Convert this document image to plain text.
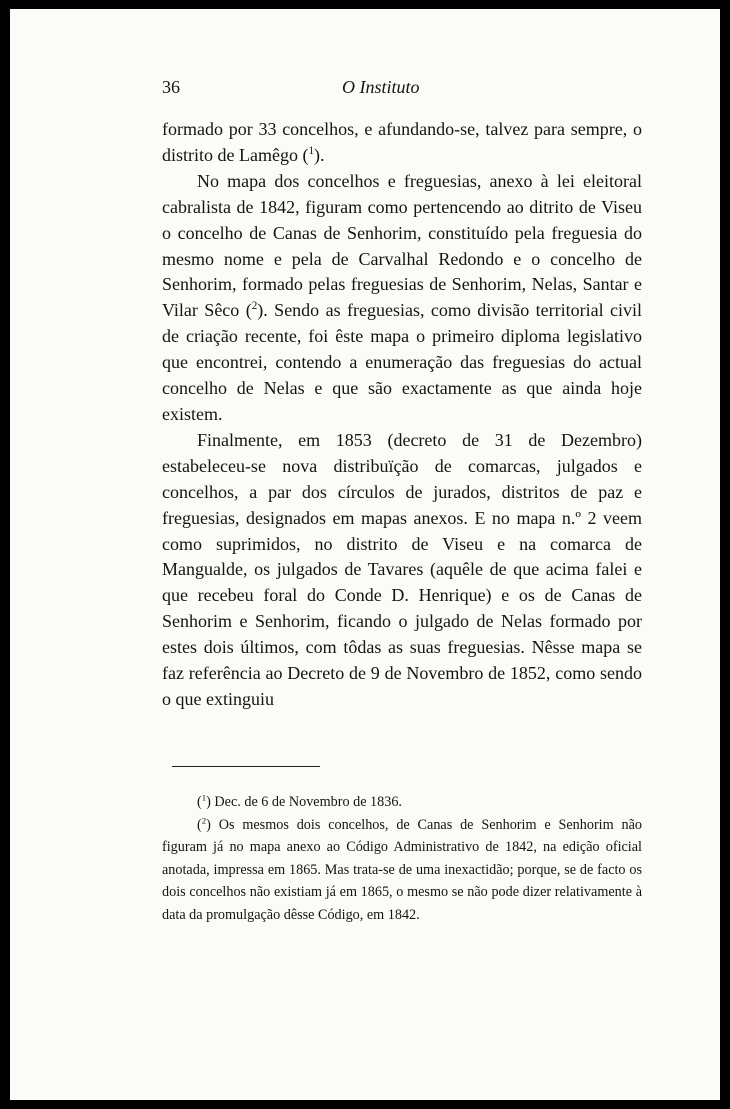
36	O Instituto

formado por 33 concelhos, e afundando-se, talvez para sempre, o distrito de Lamêgo ($^1$).

No mapa dos concelhos e freguesias, anexo à lei eleitoral cabralista de 1842, figuram como pertencendo ao ditrito de Viseu o concelho de Canas de Senhorim, constituído pela freguesia do mesmo nome e pela de Carvalhal Redondo e o concelho de Senhorim, formado pelas freguesias de Senhorim, Nelas, Santar e Vilar Sêco ($^2$). Sendo as freguesias, como divisão territorial civil de criação recente, foi êste mapa o primeiro diploma legislativo que encontrei, contendo a enumeração das freguesias do actual concelho de Nelas e que são exactamente as que ainda hoje existem.

Finalmente, em 1853 (decreto de 31 de Dezembro) estabeleceu-se nova distribuïção de comarcas, julgados e concelhos, a par dos círculos de jurados, distritos de paz e freguesias, designados em mapas anexos. E no mapa n.º 2 veem como suprimidos, no distrito de Viseu e na comarca de Mangualde, os julgados de Tavares (aquêle de que acima falei e que recebeu foral do Conde D. Henrique) e os de Canas de Senhorim e Senhorim, ficando o julgado de Nelas formado por estes dois últimos, com tôdas as suas freguesias. Nêsse mapa se faz referência ao Decreto de 9 de Novembro de 1852, como sendo o que extinguiu

($^1$) Dec. de 6 de Novembro de 1836.

($^2$) Os mesmos dois concelhos, de Canas de Senhorim e Senhorim não figuram já no mapa anexo ao Código Administrativo de 1842, na edição oficial anotada, impressa em 1865. Mas trata-se de uma inexactidão; porque, se de facto os dois concelhos não existiam já em 1865, o mesmo se não pode dizer relativamente à data da promulgação dêsse Código, em 1842.
